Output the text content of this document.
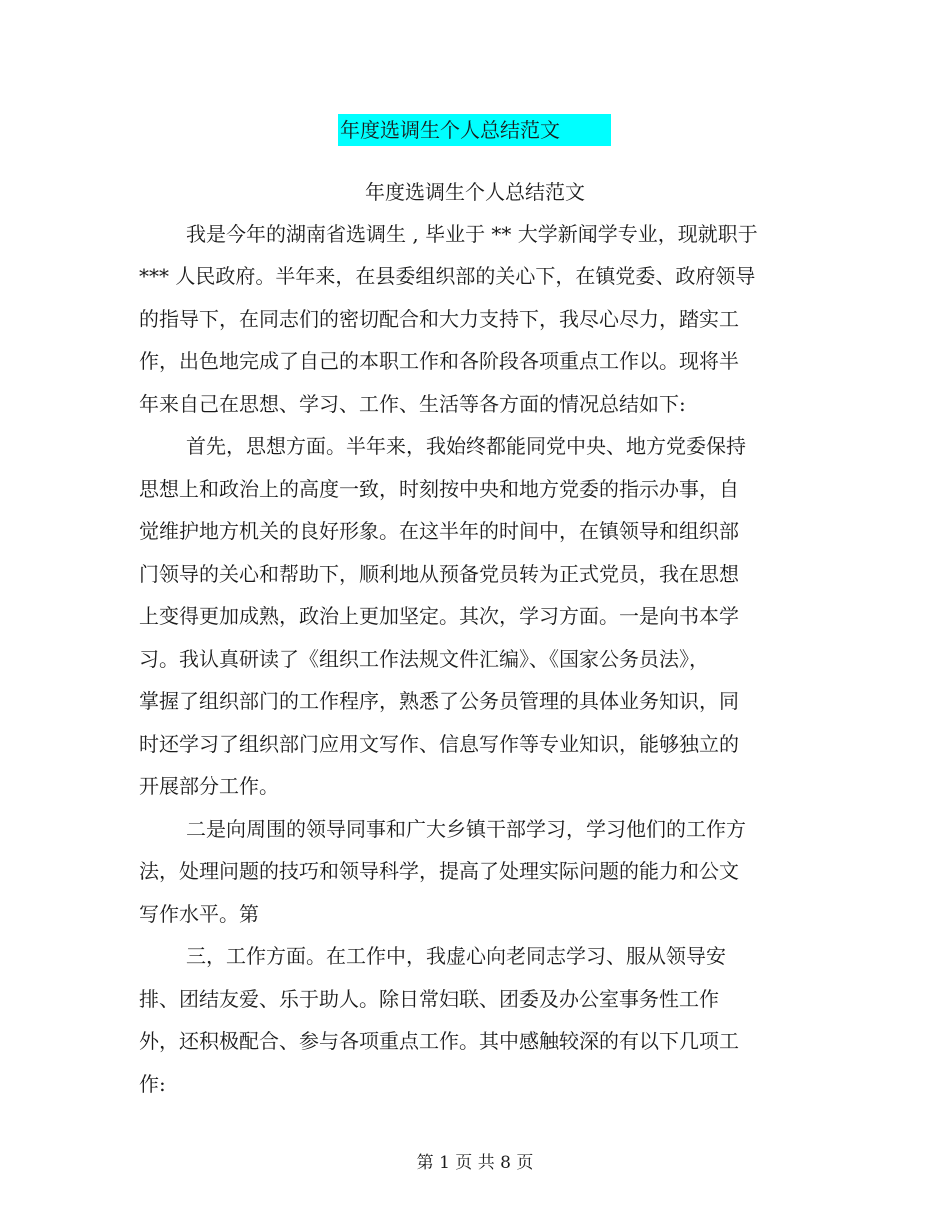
年度选调生个人总结范文
年度选调生个人总结范文
我是今年的湖南省选调生 , 毕业于 ** 大学新闻学专业，现就职于
*** 人民政府。半年来，在县委组织部的关心下，在镇党委、政府领导
的指导下，在同志们的密切配合和大力支持下，我尽心尽力，踏实工
作，出色地完成了自己的本职工作和各阶段各项重点工作以。现将半
年来自己在思想、学习、工作、生活等各方面的情况总结如下:
首先，思想方面。半年来，我始终都能同党中央、地方党委保持
思想上和政治上的高度一致，时刻按中央和地方党委的指示办事，自
觉维护地方机关的良好形象。在这半年的时间中，在镇领导和组织部
门领导的关心和帮助下，顺利地从预备党员转为正式党员，我在思想
上变得更加成熟，政治上更加坚定。其次，学习方面。一是向书本学
习。我认真研读了《组织工作法规文件汇编》、《国家公务员法》，
掌握了组织部门的工作程序，熟悉了公务员管理的具体业务知识，同
时还学习了组织部门应用文写作、信息写作等专业知识，能够独立的
开展部分工作。
二是向周围的领导同事和广大乡镇干部学习，学习他们的工作方
法，处理问题的技巧和领导科学，提高了处理实际问题的能力和公文
写作水平。第
三，工作方面。在工作中，我虚心向老同志学习、服从领导安
排、团结友爱、乐于助人。除日常妇联、团委及办公室事务性工作
外，还积极配合、参与各项重点工作。其中感触较深的有以下几项工
作:
第 1 页 共 8 页
